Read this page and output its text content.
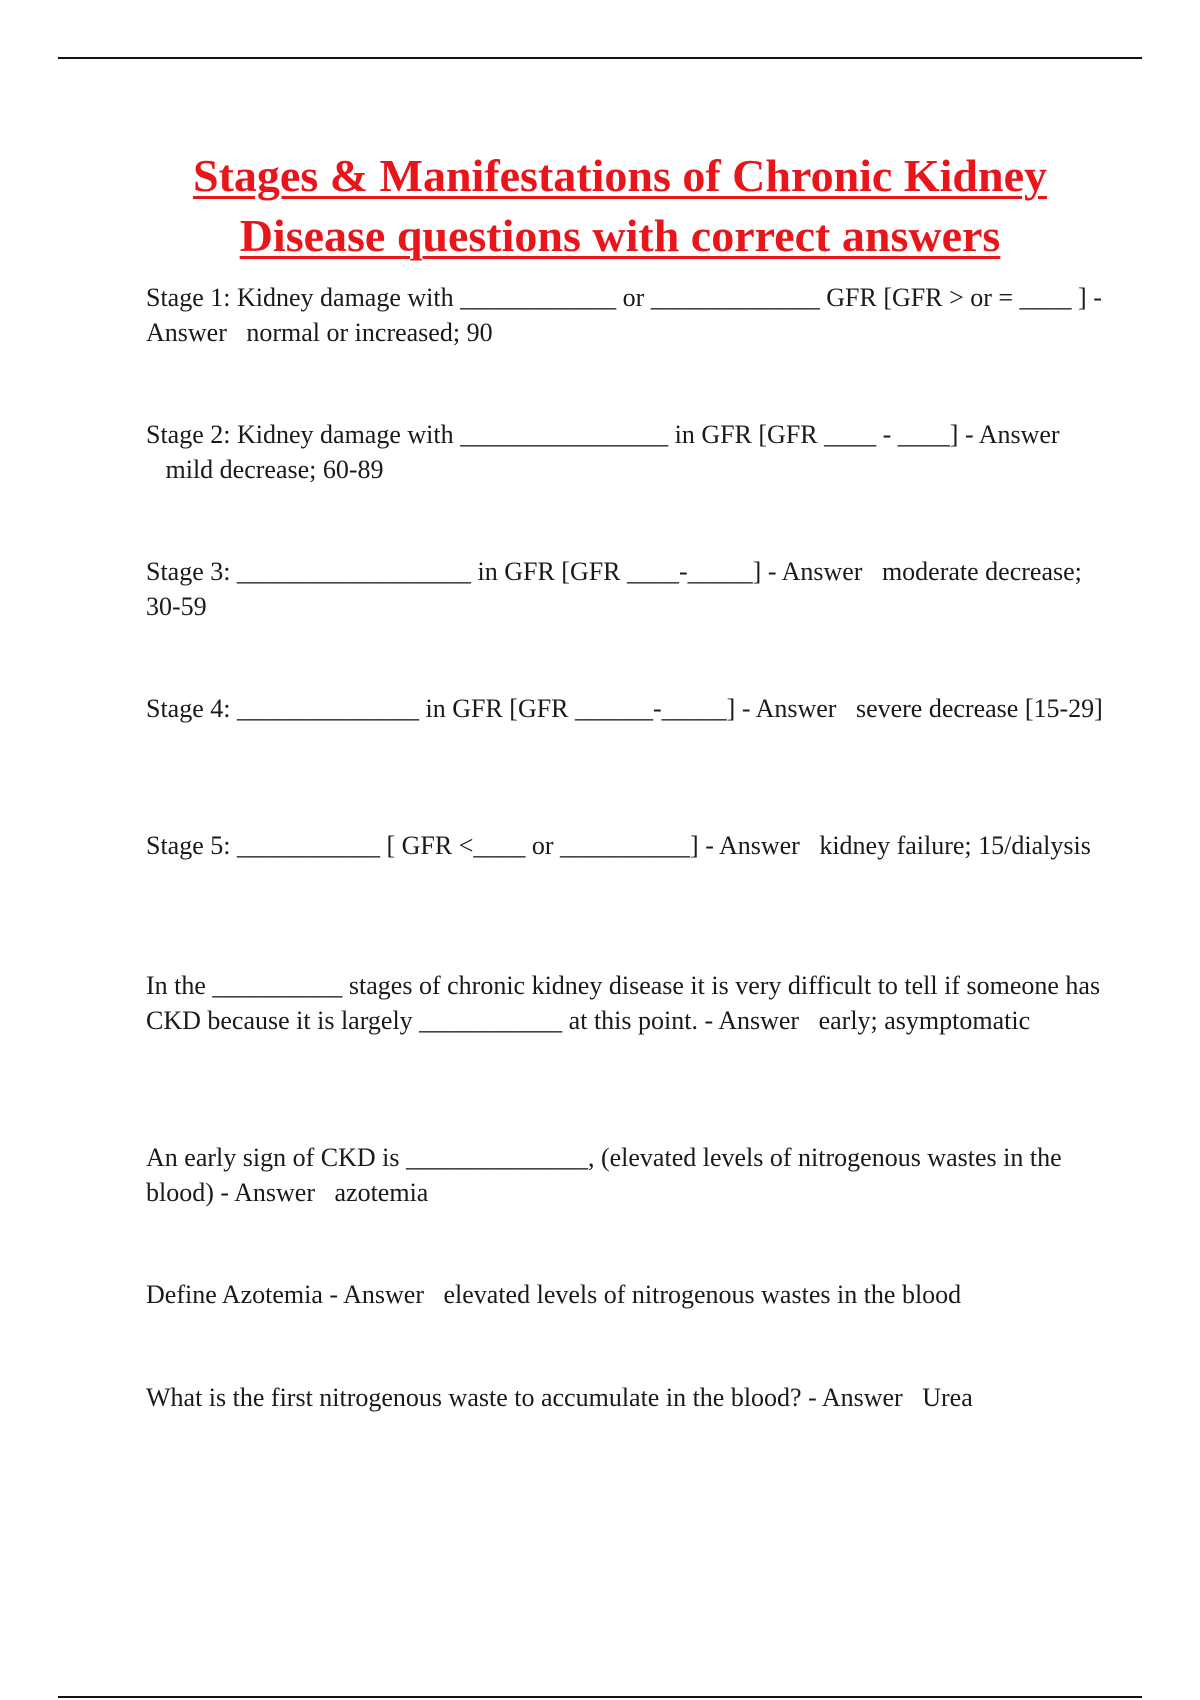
Stages & Manifestations of Chronic Kidney
Disease questions with correct answers

Stage 1: Kidney damage with ____________ or _____________ GFR [GFR > or = ____ ] - Answer normal or increased; 90

Stage 2: Kidney damage with ________________ in GFR [GFR ____ - ____] - Answer   mild decrease; 60-89

Stage 3: __________________ in GFR [GFR ____-_____] - Answer moderate decrease; 30-59

Stage 4: ______________ in GFR [GFR ______-_____] - Answer severe decrease [15-29]

Stage 5: ___________ [ GFR <____ or __________] - Answer kidney failure; 15/dialysis

In the __________ stages of chronic kidney disease it is very difficult to tell if someone has CKD because it is largely ___________ at this point. - Answer early; asymptomatic

An early sign of CKD is ______________, (elevated levels of nitrogenous wastes in the blood) - Answer azotemia

Define Azotemia - Answer elevated levels of nitrogenous wastes in the blood

What is the first nitrogenous waste to accumulate in the blood? - Answer Urea
